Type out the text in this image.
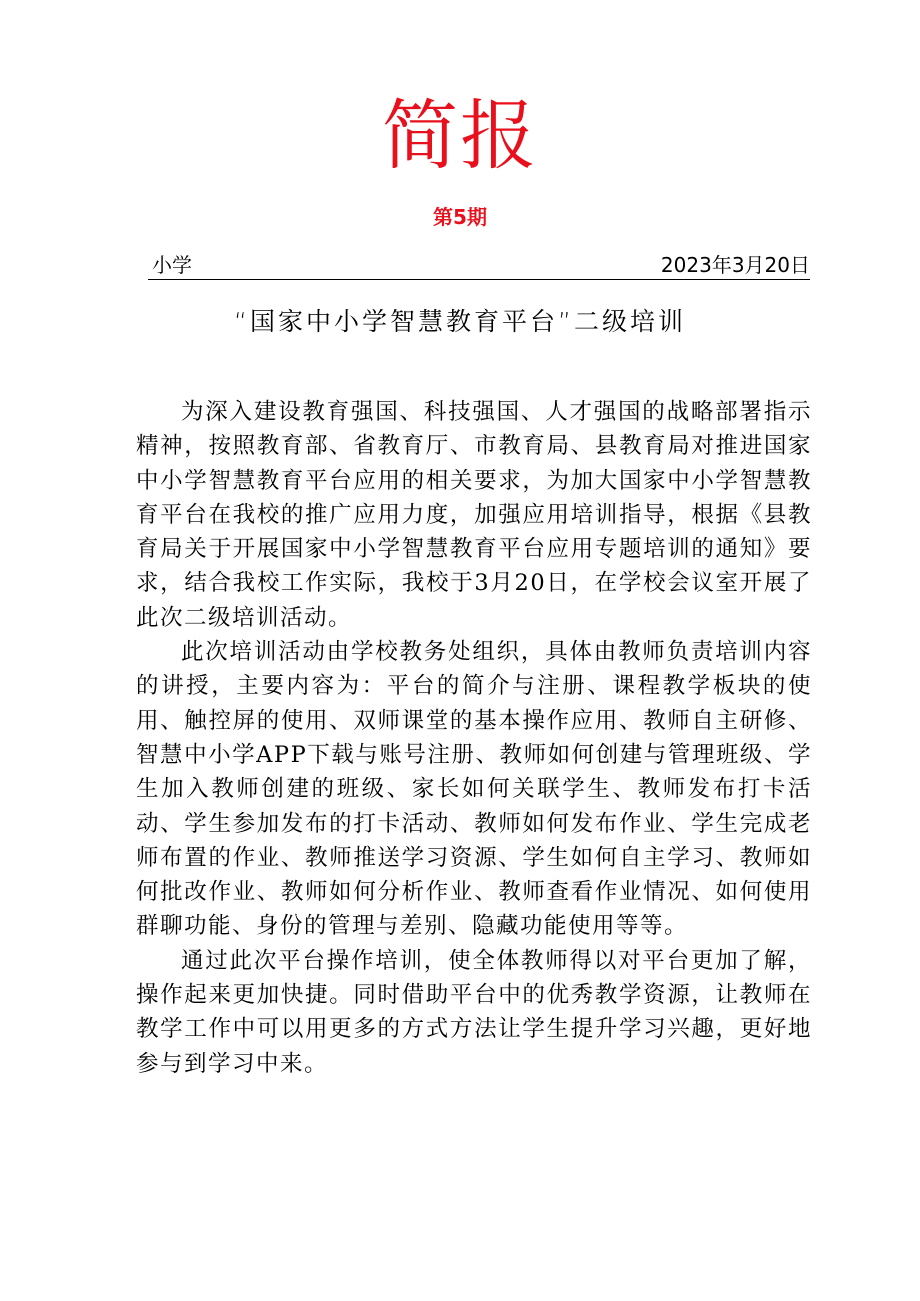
简报
第5期
小学	2023年3月20日
“国家中小学智慧教育平台”二级培训

为深入建设教育强国、科技强国、人才强国的战略部署指示精神，按照教育部、省教育厅、市教育局、县教育局对推进国家中小学智慧教育平台应用的相关要求，为加大国家中小学智慧教育平台在我校的推广应用力度，加强应用培训指导，根据《县教育局关于开展国家中小学智慧教育平台应用专题培训的通知》要求，结合我校工作实际，我校于3月20日，在学校会议室开展了此次二级培训活动。

此次培训活动由学校教务处组织，具体由教师负责培训内容的讲授，主要内容为：平台的简介与注册、课程教学板块的使用、触控屏的使用、双师课堂的基本操作应用、教师自主研修、智慧中小学APP下载与账号注册、教师如何创建与管理班级、学生加入教师创建的班级、家长如何关联学生、教师发布打卡活动、学生参加发布的打卡活动、教师如何发布作业、学生完成老师布置的作业、教师推送学习资源、学生如何自主学习、教师如何批改作业、教师如何分析作业、教师查看作业情况、如何使用群聊功能、身份的管理与差别、隐藏功能使用等等。

通过此次平台操作培训，使全体教师得以对平台更加了解，操作起来更加快捷。同时借助平台中的优秀教学资源，让教师在教学工作中可以用更多的方式方法让学生提升学习兴趣，更好地参与到学习中来。
